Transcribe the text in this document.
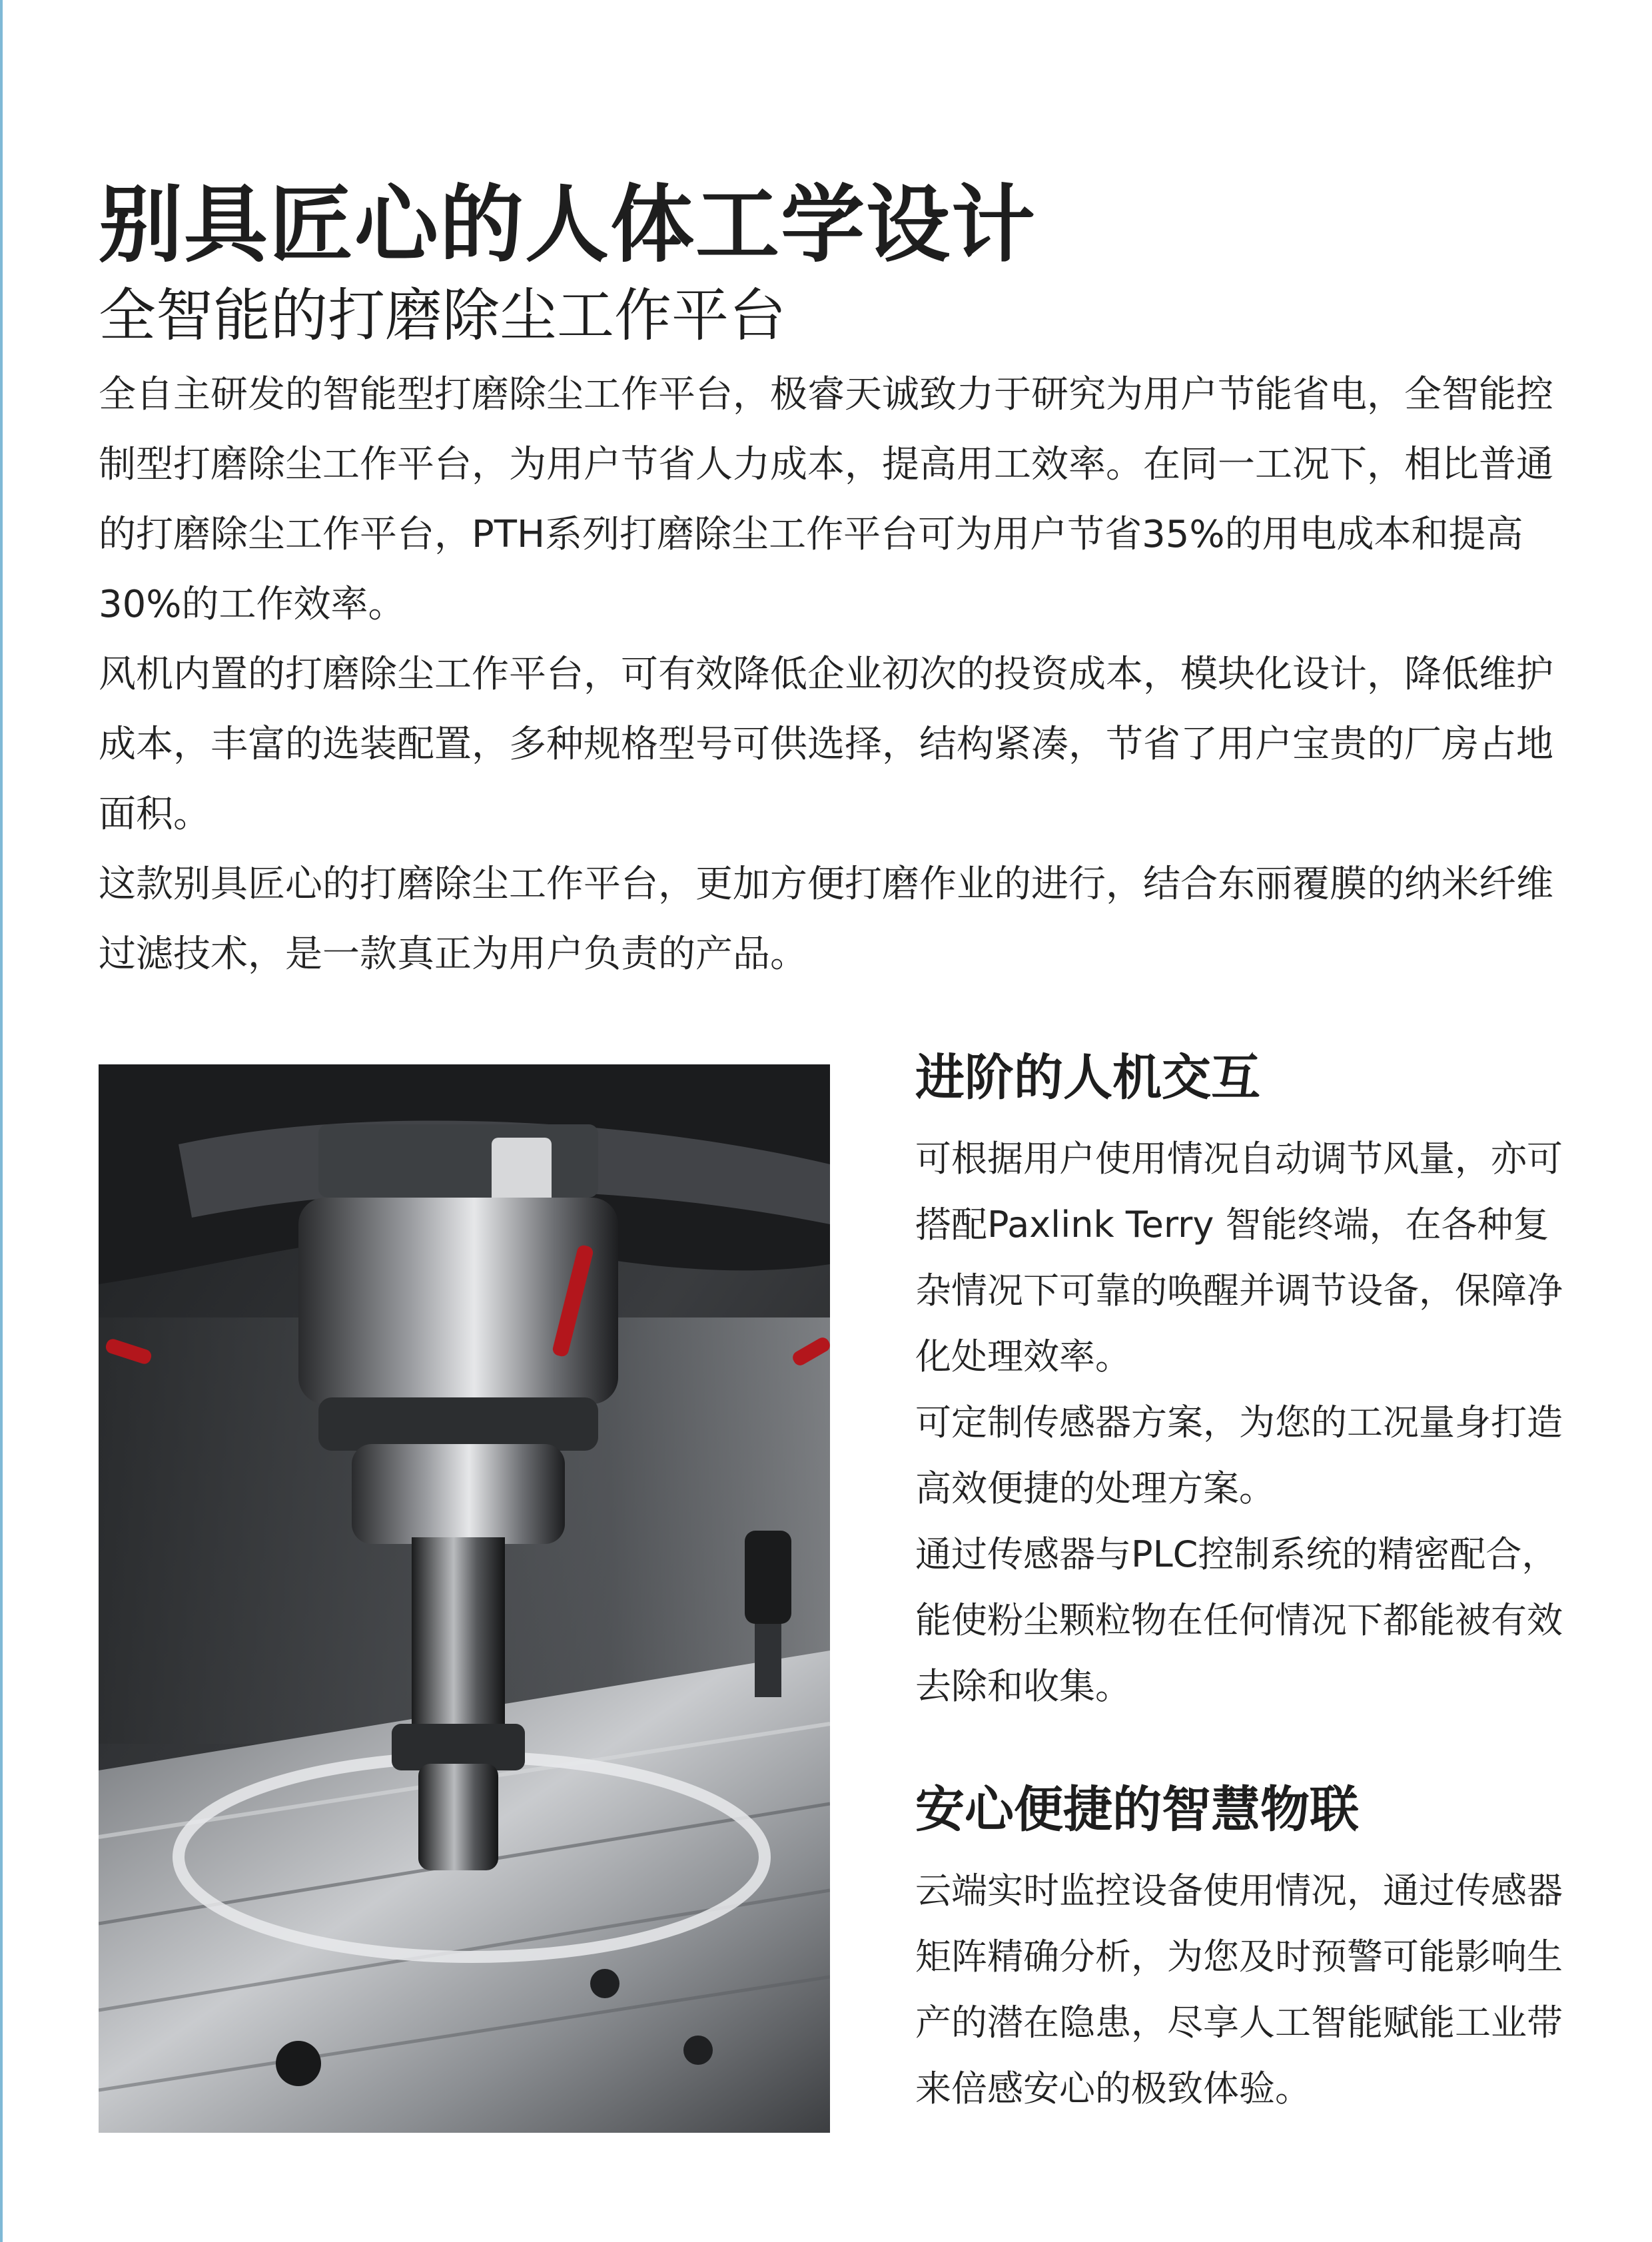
别具匠心的人体工学设计
全智能的打磨除尘工作平台

全自主研发的智能型打磨除尘工作平台，极睿天诚致力于研究为用户节能省电，全智能控制型打磨除尘工作平台，为用户节省人力成本，提高用工效率。在同一工况下，相比普通的打磨除尘工作平台，PTH系列打磨除尘工作平台可为用户节省35%的用电成本和提高30%的工作效率。

风机内置的打磨除尘工作平台，可有效降低企业初次的投资成本，模块化设计，降低维护成本，丰富的选装配置，多种规格型号可供选择，结构紧凑，节省了用户宝贵的厂房占地面积。

这款别具匠心的打磨除尘工作平台，更加方便打磨作业的进行，结合东丽覆膜的纳米纤维过滤技术，是一款真正为用户负责的产品。

进阶的人机交互

可根据用户使用情况自动调节风量，亦可搭配Paxlink Terry 智能终端，在各种复杂情况下可靠的唤醒并调节设备，保障净化处理效率。

可定制传感器方案，为您的工况量身打造高效便捷的处理方案。

通过传感器与PLC控制系统的精密配合，能使粉尘颗粒物在任何情况下都能被有效去除和收集。

安心便捷的智慧物联

云端实时监控设备使用情况，通过传感器矩阵精确分析，为您及时预警可能影响生产的潜在隐患，尽享人工智能赋能工业带来倍感安心的极致体验。
